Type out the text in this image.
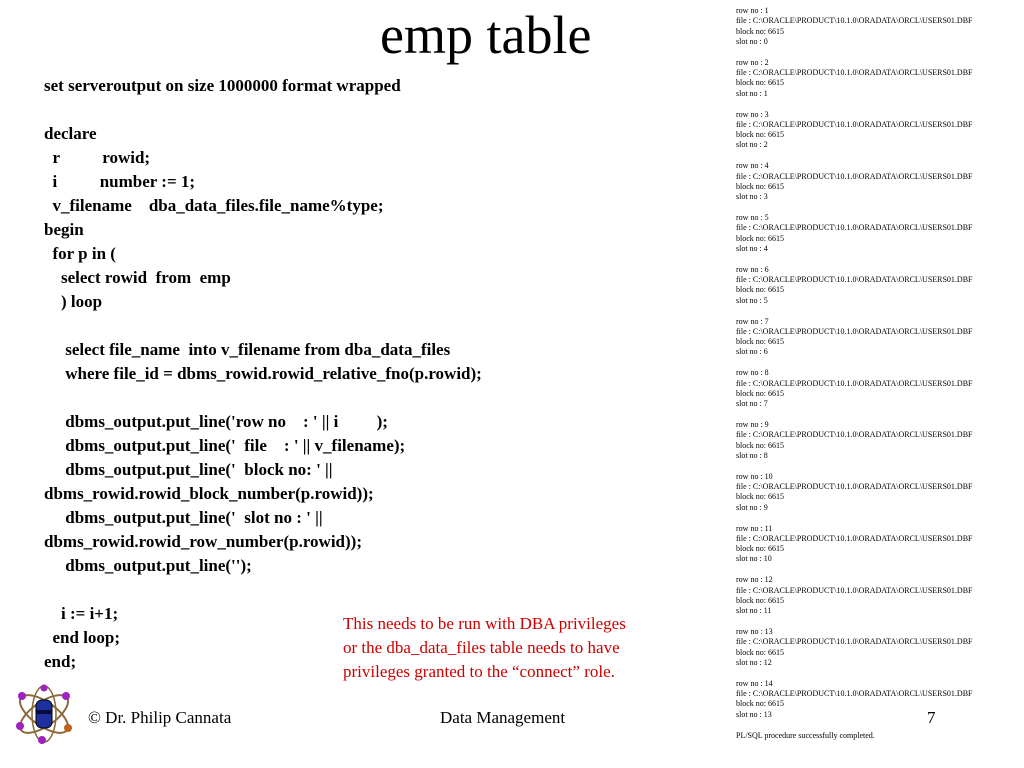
emp table
set serveroutput on size 1000000 format wrapped
declare
r          rowid;
i          number := 1;
v_filename    dba_data_files.file_name%type;
begin
for p in (
select rowid  from  emp
) loop
select file_name  into v_filename from dba_data_files
where file_id = dbms_rowid.rowid_relative_fno(p.rowid);
dbms_output.put_line('row no    : ' || i         );
dbms_output.put_line('  file    : ' || v_filename);
dbms_output.put_line('  block no: ' ||
dbms_rowid.rowid_block_number(p.rowid));
dbms_output.put_line('  slot no : ' ||
dbms_rowid.rowid_row_number(p.rowid));
dbms_output.put_line('');
i := i+1;
end loop;
end;
This needs to be run with DBA privileges
or the dba_data_files table needs to have
privileges granted to the “connect” role.
row no : 1
file : C:\ORACLE\PRODUCT\10.1.0\ORADATA\ORCL\USERS01.DBF
block no: 6615
slot no : 0
row no : 2
file : C:\ORACLE\PRODUCT\10.1.0\ORADATA\ORCL\USERS01.DBF
block no: 6615
slot no : 1
row no : 3
file : C:\ORACLE\PRODUCT\10.1.0\ORADATA\ORCL\USERS01.DBF
block no: 6615
slot no : 2
row no : 4
file : C:\ORACLE\PRODUCT\10.1.0\ORADATA\ORCL\USERS01.DBF
block no: 6615
slot no : 3
row no : 5
file : C:\ORACLE\PRODUCT\10.1.0\ORADATA\ORCL\USERS01.DBF
block no: 6615
slot no : 4
row no : 6
file : C:\ORACLE\PRODUCT\10.1.0\ORADATA\ORCL\USERS01.DBF
block no: 6615
slot no : 5
row no : 7
file : C:\ORACLE\PRODUCT\10.1.0\ORADATA\ORCL\USERS01.DBF
block no: 6615
slot no : 6
row no : 8
file : C:\ORACLE\PRODUCT\10.1.0\ORADATA\ORCL\USERS01.DBF
block no: 6615
slot no : 7
row no : 9
file : C:\ORACLE\PRODUCT\10.1.0\ORADATA\ORCL\USERS01.DBF
block no: 6615
slot no : 8
row no : 10
file : C:\ORACLE\PRODUCT\10.1.0\ORADATA\ORCL\USERS01.DBF
block no: 6615
slot no : 9
row no : 11
file : C:\ORACLE\PRODUCT\10.1.0\ORADATA\ORCL\USERS01.DBF
block no: 6615
slot no : 10
row no : 12
file : C:\ORACLE\PRODUCT\10.1.0\ORADATA\ORCL\USERS01.DBF
block no: 6615
slot no : 11
row no : 13
file : C:\ORACLE\PRODUCT\10.1.0\ORADATA\ORCL\USERS01.DBF
block no: 6615
slot no : 12
row no : 14
file : C:\ORACLE\PRODUCT\10.1.0\ORADATA\ORCL\USERS01.DBF
block no: 6615
slot no : 13
PL/SQL procedure successfully completed.
© Dr. Philip Cannata	Data Management	7
